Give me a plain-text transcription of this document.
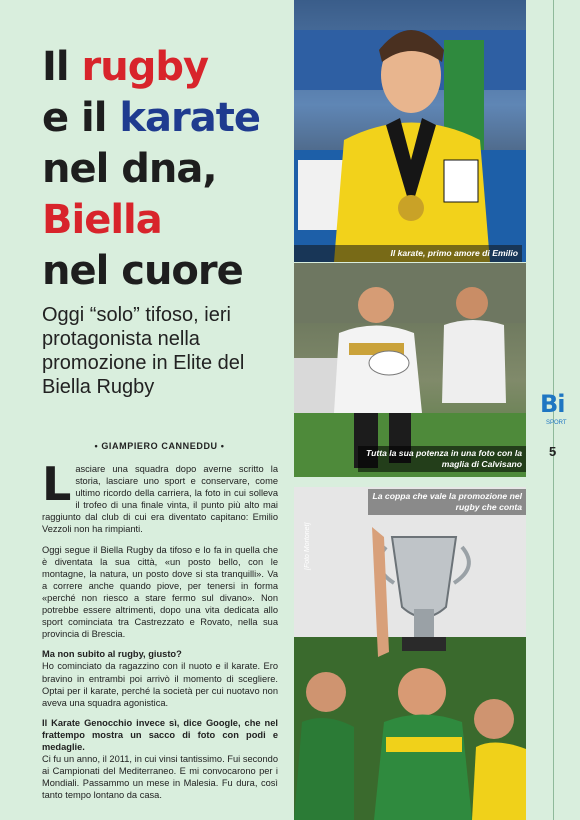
Il rugby
e il karate
nel dna,
Biella
nel cuore
Oggi “solo” tifoso, ieri protagonista nella promozione in Elite del Biella Rugby
• GIAMPIERO CANNEDDU •

Lasciare una squadra dopo averne scritto la storia, lasciare uno sport e conservare, come ultimo ricordo della carriera, la foto in cui solleva il trofeo di una finale vinta, il punto più alto mai raggiunto dal club di cui era diventato capitano: Emilio Vezzoli non ha rimpianti.

Oggi segue il Biella Rugby da tifoso e lo fa in quella che è diventata la sua città, «un posto bello, con le montagne, la natura, un posto dove si sta tranquilli». Va a correre anche quando piove, per tenersi in forma «perché non riesco a stare fermo sul divano». Non potrebbe essere altrimenti, dopo una vita dedicata allo sport cominciata tra Castrezzato e Rovato, nella sua provincia di Brescia.

Ma non subito al rugby, giusto?
Ho cominciato da ragazzino con il nuoto e il karate. Ero bravino in entrambi poi arrivò il momento di scegliere. Optai per il karate, perché la società per cui nuotavo non aveva una squadra agonistica.

Il Karate Genocchio invece sì, dice Google, che nel frattempo mostra un sacco di foto con podi e medaglie.
Ci fu un anno, il 2011, in cui vinsi tantissimo. Fui secondo ai Campionati del Mediterraneo. E mi convocarono per i Mondiali. Passammo un mese in Malesia. Fu dura, così tanto tempo lontano da casa.

Il karate, primo amore di Emilio
Tutta la sua potenza in una foto con la maglia di Calvisano
La coppa che vale la promozione nel rugby che conta
[Foto Mortonet]
Bi
SPORT
5
